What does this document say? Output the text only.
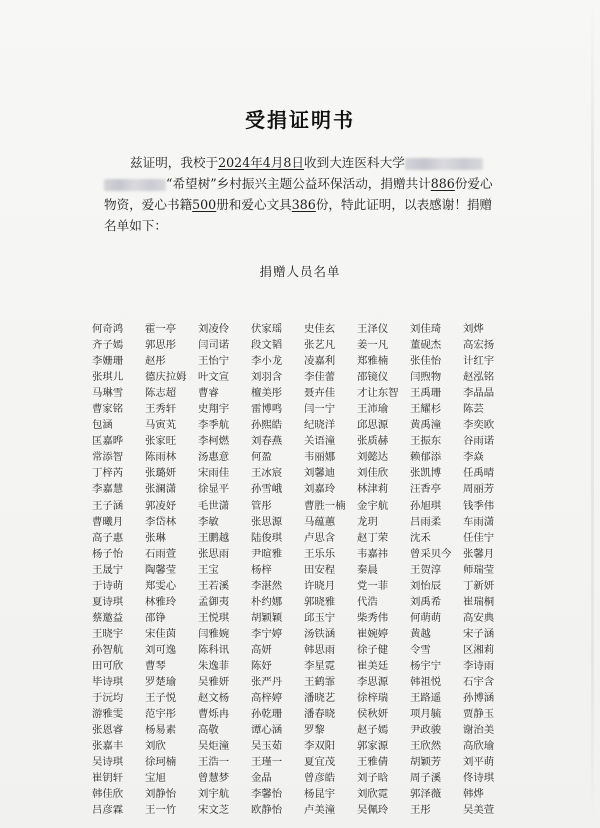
受捐证明书
兹证明，我校于2024年4月8日收到大连医科大学
“希望树”乡村振兴主题公益环保活动，捐赠共计886份爱心物资，爱心书籍500册和爱心文具386份，特此证明，以表感谢！捐赠名单如下：
捐赠人员名单
何奇鸿	霍一亭	刘凌伶	伏家瑶	史佳玄	王泽仪	刘佳琦	刘烨
齐子嫣	郭思彤	闫司诺	段文韬	张艺凡	姜一凡	董砚杰	高宏扬
李姗珊	赵彤	王怡宁	李小龙	凌嘉利	郑雅楠	张佳怡	计红宇
张琪儿	德庆拉姆	叶文宣	刘羽含	李佳蕾	邵镜仪	闫煦物	赵泓铭
马琳雪	陈志超	曹睿	檀美彤	聂卉佳	才让东智	王禹珊	李晶晶
曹家铭	王秀轩	史翔宇	雷博鸣	闫一宁	王沛瑜	王耀杉	陈芸
包涵	马寅芄	李季航	孙熙皓	纪晓洋	邱思源	黄禹潼	李奕欧
匡嘉晔	张家旺	李柯燃	刘春燕	关语潼	张质赫	王振东	谷雨诺
常添智	陈雨林	汤惠意	何盈	韦丽娜	刘懿达	赖郁添	李焱
丁梓芮	张璐妍	宋雨佳	王冰宸	刘馨迪	刘佳欣	张凯博	任禹晴
李嘉慧	张澜潇	徐显平	孙雪峨	刘嘉玲	林津莉	汪香亭	周丽芳
王子涵	郭凌妤	毛世潇	管彤	曹胜一楠	金宇航	孙旭琪	钱季伟
曹曦月	李岱林	李敏	张思源	马蕴蕙	龙玥	吕雨柔	车雨潇
高子惠	张琳	王鹏越	陆俊琪	卢思含	赵丁荣	沈禾	任佳宁
杨子怡	石雨萱	张思雨	尹暄雅	王乐乐	韦嘉祎	曾采贝今	张馨月
王晟宁	陶馨莹	王宝	杨梓	田安程	秦晨	王贺淳	师瑞莹
于诗萌	郑雯心	王若溪	李湛然	许晓月	党一菲	刘怡辰	丁新妍
夏诗琪	林雅玲	孟御夷	朴约娜	郭晓雅	代浩	刘禹希	崔瑞桐
蔡邀益	邵铮	王悦琪	胡颖颖	邱玉宁	柴秀伟	何萌萌	高安典
王晓宇	宋佳茵	闫雅婉	李宁婷	汤铁涵	崔婉婷	黄越	宋子涵
孙智航	刘可逸	陈科讯	高妍	韩思雨	徐子健	令雪	区湘莉
田可欣	曹琴	朱逸菲	陈妤	李星霓	崔美廷	杨宇宁	李诗雨
毕诗琪	罗楚瑜	吴雅妍	张严丹	王鹤霏	李思源	韩祖悦	石宇含
于沅均	王子悦	赵文杨	高梓婷	潘晓艺	徐梓瑞	王路遥	孙博涵
游雅雯	范宇彤	曹烁冉	孙乾珊	潘春晓	侯秋妍	项月毓	贾静玉
张恩睿	杨易素	高敬	谭心涵	罗黎	赵子嫣	尹政骏	谢治美
张嘉丰	刘欣	吴炬潼	吴玉茹	李双阳	郭家源	王欣然	高欣瑜
吴诗琪	徐珂楠	王浩一	王瑾一	夏宜茂	王雅倩	胡颖芳	刘平萌
崔钥轩	宝旭	曾慧梦	金晶	曾彦皓	刘子晗	周子溪	佟诗琪
韩佳欣	刘静怡	刘宇航	李馨怡	杨昆宇	刘欣霓	郭泽薇	韩烨
吕彦霖	王一竹	宋文芝	欧静怡	卢美潼	吴佩玲	王彤	吴美萱
